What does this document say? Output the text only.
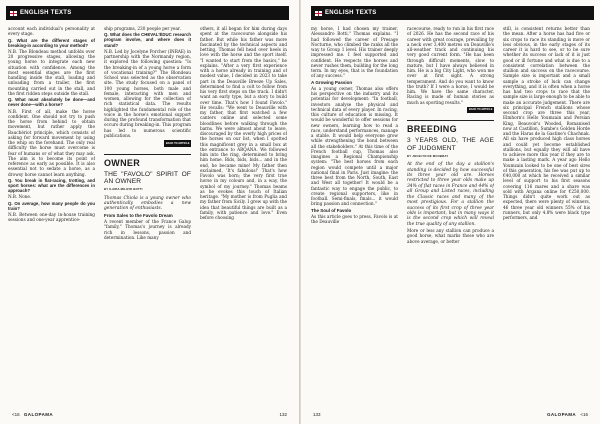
ENGLISH TEXTS

account each individual's personality at every stage.

Q. What are the different stages of breaking-in according to your method?

N.B. The Blondeau method unfolds over 20 progressive stages, allowing the young horse to integrate each new situation with confidence. Among the most essential stages are the first handling inside the stall, loading and unloading from a trailer, the first mounting carried out in the stall, and the first ridden steps outside the stall.

Q. What must absolutely be done—and never done—with a horse?

N.B. First of all, make the horse confident. One should not try to push the horse from behind to obtain movement, but rather apply the Bauchériot principle, which consists of asking for forward movement by using the whip on the forehand. The only real difficulty the horse must overcome is fear of humans or of what they may ask. The aim is to become its point of reference as early as possible. It is also essential not to sedate a horse, as a drowsy horse cannot learn anything.

Q. You break in flat-racing, trotting, and sport horses: what are the differences in approach?

N.B. None.

Q. On average, how many people do you train?

N.B. Between one-day in-house training sessions and one-year apprentice-

ship programs, 230 people per year.

Q. What does the CHEVAL'ÉDUC research program involve, and where does it stand?

N.B. Led by Jocelyne Porcher (INRAE) in partnership with the Normandy region, it explored the following question: "Is the breaking-in of a young horse a form of vocational training?" The Blondeau School was selected as the observation site. The study focused on a panel of 100 young horses, both male and female, interacting with men and women, allowing for the collection of rich statistical data. The results highlighted the fundamental role of the voice in the horse's emotional support during the profound transformation that occurs during breaking-in. This program has led to numerous scientific publications.

BACK TO ARTICLE
OWNER
THE "FAVOLO" SPIRIT OF AN OWNER
BY ILARIA MILIZIO BOTTI

Thomas Chiola is a young owner who authentically embodies a new generation of enthusiasts.

From Sales to the Favolo Dream

A recent member of the France Galop "family," Thomas's journey is already rich in lessons, passion and determination. Like many

others, it all began for him during days spent at the racecourse alongside his father. But while his father was more fascinated by the technical aspects and betting, Thomas fell head over heels in love with the horse and the sport itself. "I wanted to start from the basics," he explains. "After a very first experience with a horse already in training and of modest value, I decided in 2023 to take part in the Deauville Breeze Up Sales, determined to find a colt to follow from his very first steps on the track. I didn't want an early type, but a story to build over time. That's how I found Favolo." He recalls: "We went to Deauville with my father, that first watched a few canters online and selected some bloodlines before walking through the barns. We were almost about to leave, discouraged by the overly high prices of the horses on our list, when I spotted this magnificent grey in a small box at the entrance to ARQANA. We followed him into the ring, determined to bring him home. Bids, bids, bids... and in the end, he became mine! My father then exclaimed, 'It's fabulous!' That's how Favolo was born; the very first true horse in my colours and, in a way, the symbol of my journey." Thomas beams as he evokes this touch of Italian heritage. "My mother is from Puglia and my father from Sicily. I grew up with the idea that beautiful things are built as a family, with patience and love." Even before choosing

<16 GALOPAMA	132
ENGLISH TEXTS

my horse, I had chosen my trainer, Alessandro Botti," Thomas explains. "I had followed the career of Presage Nocturne, who climbed the ranks all the way to Group 1 level. His trainer deeply impressed me. I feel supported and confident. He respects the horses and never rushes them, building for the long term. In my eyes, that is the foundation of any success."

A Growing Passion

As a young owner, Thomas also offers his perspective on the industry and its potential for development: "In football, investors analyse the physical and technical data of every player. In racing, this culture of education is missing. It would be wonderful to offer sessions for new owners, learning how to read a race, understand performances, manage a stable. It would help everyone grow while strengthening the bond between all the stakeholders." At this time of the French football cup, Thomas also imagines a Regional Championship system: "The best horses from each region would compete until a major national final in Paris. Just imagine: the three best from the North, South, East and West all together! It would be a fantastic way to engage the public, to create regional supporters, like in football. Semi-finals, finals... it would bring passion and connection."

The Soul of Favolo

As this article goes to press, Favolo is at the Deauville

racecourse, ready to run in his first race of 2026. He has the second race of his career with great courage, prevailing by a neck over 3,400 metres on Deauville's all-weather track and continuing his very good current form. "He has been through difficult moments, slow to mature, but I have always believed in him. He is a big City Light, who won me over at first sight. A strong temperament. And do you want to know the truth? If I were a horse, I would be him. We have the same character. Racing is made of human stories as much as sporting results."

BACK TO ARTICLE
BREEDING
3 YEARS OLD, THE AGE OF JUDGMENT
BY JOCELYN DE MOUBRAY

At the end of the day a stallion's standing is decided by how successful its three year old are. Horses restricted to three year olds make up 34% of flat races in France and 44% of all Group and Listed races, including the Classic races and many of the most prestigious. For a stallion the success of its first crop of three year olds is important, but in many ways it is the second crop which will reveal the true quality of any stallion.

More or less any stallion can produce a good horse, what marks those who are above average, or better

still, is consistent returns better than the mean. After a horse has had five or six crops to race its standing is more or less obvious, in the early stages of its career it is hard to see, or to be sure whether its success or lack of it is just good or ill fortune and what is due to a consistent correlation between the stallion and success on the racecourse. Sample size is important and a small sample a stroke of luck can change everything, and it is often when a horse has had two crops to race that the sample size is large enough to be able to make an accurate judgement. There are six principal French stallions whose second crop are three this year, Elmhorn's Hello Youmzain and Persian King, Beauvoir's Wooded, Romanised now at Castillon, Sumbe's Golden Horde and the Haras de la Gastine's Chachnak. All six have produced high class horses and could yet become established stallions, but equally they will all have to achieve more this year if they are to make a lasting mark. A year ago Hello Youmzain looked to be one of best sires of this generation, his fee was put up to €40,000 at which he received a similar level of support to his first seasons covering 116 mares and a share was sold with Argana online for €250,000. Things didn't quite work out as expected, there were plenty of winners, 46 three year old winners 55% of his runners, but only 4.8% were black type performers, and

133	GALOPAMA <16
